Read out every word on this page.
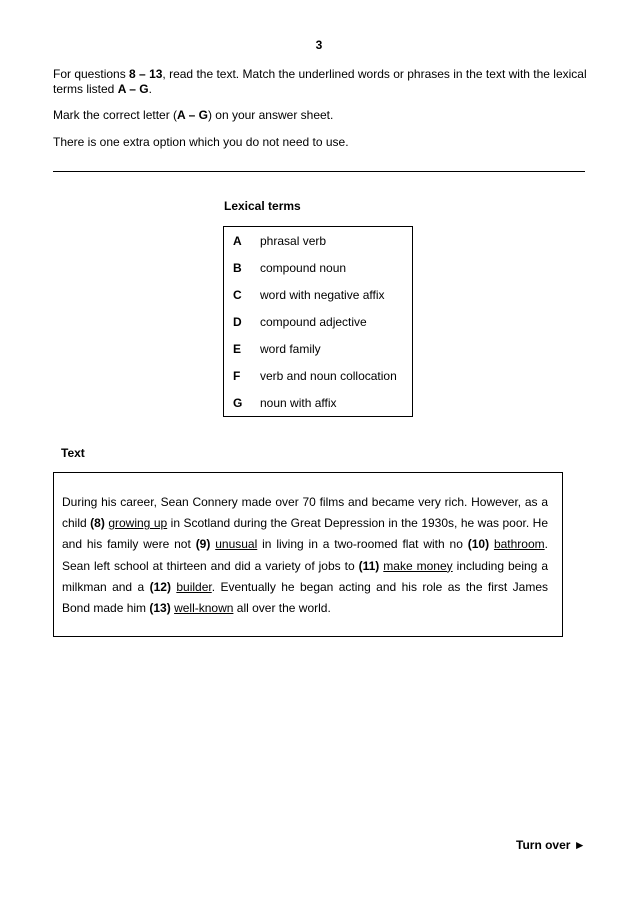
3
For questions 8 – 13, read the text. Match the underlined words or phrases in the text with the lexical terms listed A – G.
Mark the correct letter (A – G) on your answer sheet.
There is one extra option which you do not need to use.
Lexical terms
A phrasal verb
B compound noun
C word with negative affix
D compound adjective
E word family
F verb and noun collocation
G noun with affix
Text
During his career, Sean Connery made over 70 films and became very rich. However, as a child (8) growing up in Scotland during the Great Depression in the 1930s, he was poor. He and his family were not (9) unusual in living in a two-roomed flat with no (10) bathroom. Sean left school at thirteen and did a variety of jobs to (11) make money including being a milkman and a (12) builder. Eventually he began acting and his role as the first James Bond made him (13) well-known all over the world.
Turn over ►
